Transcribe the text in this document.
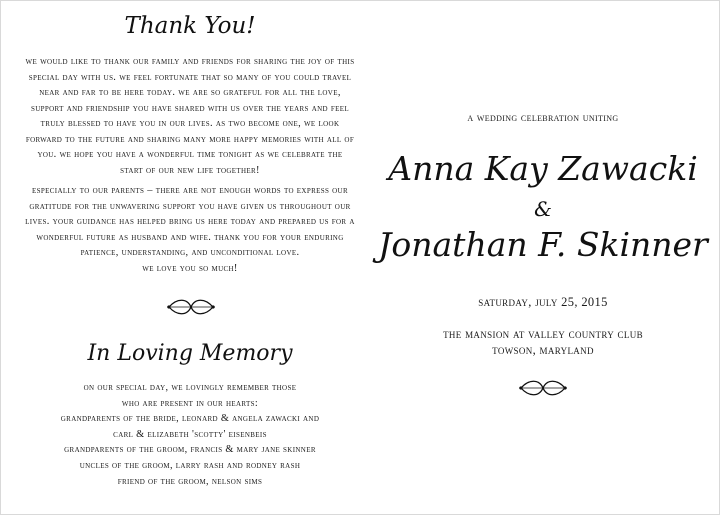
Thank You!

we would like to thank our family and friends for sharing the joy of this special day with us. we feel fortunate that so many of you could travel near and far to be here today. we are so grateful for all the love, support and friendship you have shared with us over the years and feel truly blessed to have you in our lives. as two become one, we look forward to the future and sharing many more happy memories with all of you. we hope you have a wonderful time tonight as we celebrate the start of our new life together!

especially to our parents – there are not enough words to express our gratitude for the unwavering support you have given us throughout our lives. your guidance has helped bring us here today and prepared us for a wonderful future as husband and wife. thank you for your enduring patience, understanding, and unconditional love.
we love you so much!

In Loving Memory
on our special day, we lovingly remember those
who are present in our hearts:
grandparents of the bride, leonard & angela zawacki and
carl & elizabeth 'scotty' eisenbeis
grandparents of the groom, francis & mary jane skinner
uncles of the groom, larry rash and rodney rash
friend of the groom, nelson sims
a wedding celebration uniting
Anna Kay Zawacki
&
Jonathan F. Skinner
saturday, july 25, 2015
the mansion at valley country club
towson, maryland
